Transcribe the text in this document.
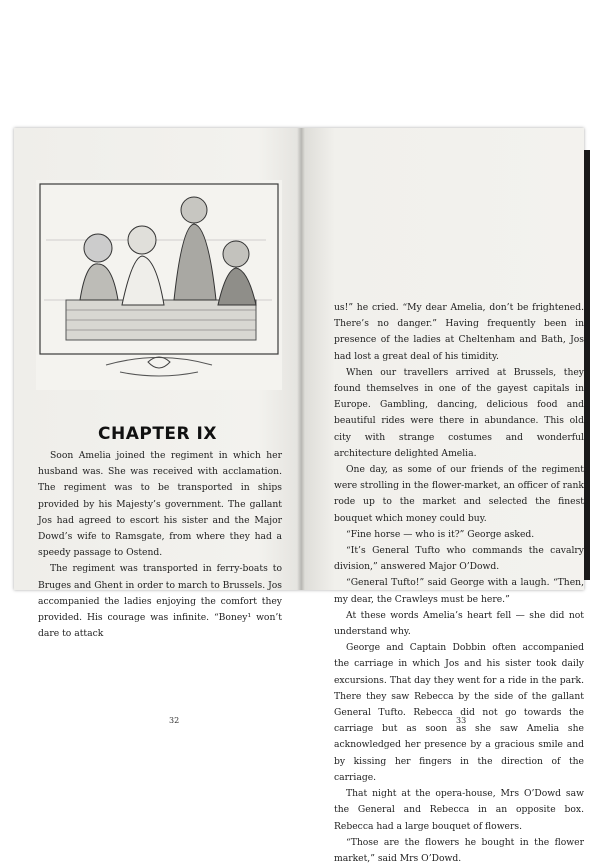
CHAPTER IX

Soon Amelia joined the regiment in which her husband was. She was received with acclamation. The regiment was to be transported in ships provided by his Majesty’s government. The gallant Jos had agreed to escort his sister and the Major Dowd’s wife to Ramsgate, from where they had a speedy passage to Ostend.

The regiment was transported in ferry-boats to Bruges and Ghent in order to march to Brussels. Jos accompanied the ladies enjoying the comfort they provided. His courage was infinite. “Boney¹ won’t dare to attack

32

us!” he cried. “My dear Amelia, don’t be frightened. There’s no danger.” Having frequently been in presence of the ladies at Cheltenham and Bath, Jos had lost a great deal of his timidity.

When our travellers arrived at Brussels, they found themselves in one of the gayest capitals in Europe. Gambling, dancing, delicious food and beautiful rides were there in abundance. This old city with strange costumes and wonderful architecture delighted Amelia.

One day, as some of our friends of the regiment were strolling in the flower-market, an officer of rank rode up to the market and selected the finest bouquet which money could buy.

“Fine horse — who is it?” George asked.

“It’s General Tufto who commands the cavalry division,” answered Major O’Dowd.

“General Tufto!” said George with a laugh. “Then, my dear, the Crawleys must be here.”

At these words Amelia’s heart fell — she did not understand why.

George and Captain Dobbin often accompanied the carriage in which Jos and his sister took daily excursions. That day they went for a ride in the park. There they saw Rebecca by the side of the gallant General Tufto. Rebecca did not go towards the carriage but as soon as she saw Amelia she acknowledged her presence by a gracious smile and by kissing her fingers in the direction of the carriage.

That night at the opera-house, Mrs O’Dowd saw the General and Rebecca in an opposite box. Rebecca had a large bouquet of flowers.

“Those are the flowers he bought in the flower market,” said Mrs O’Dowd.

33
